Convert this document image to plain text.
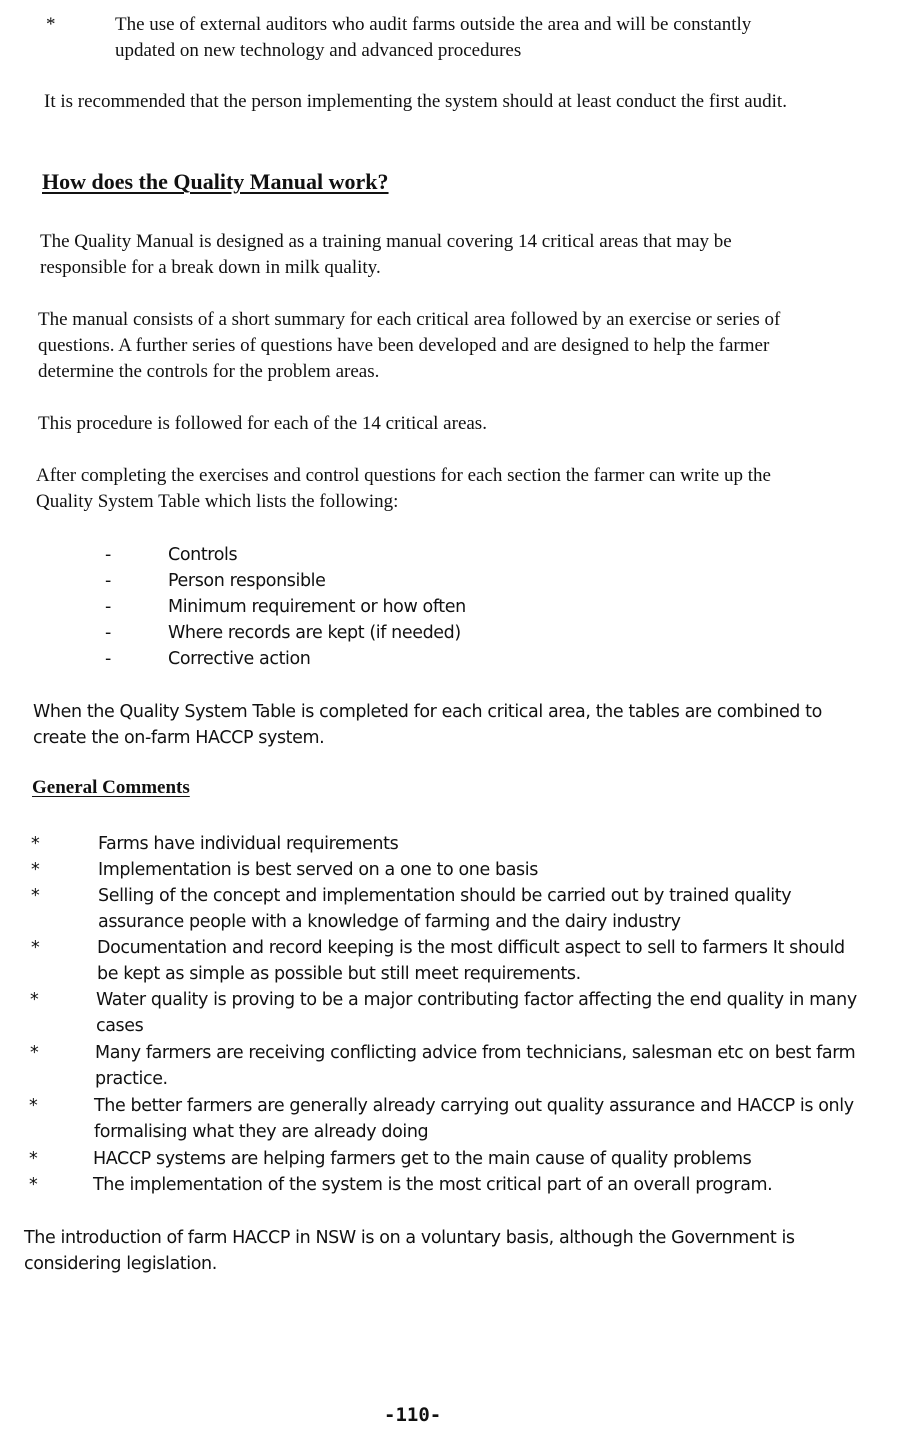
*	The use of external auditors who audit farms outside the area and will be constantly
updated on new technology and advanced procedures
It is recommended that the person implementing the system should at least conduct the first audit.
How does the Quality Manual work?
The Quality Manual is designed as a training manual covering 14 critical areas that may be
responsible for a break down in milk quality.
The manual consists of a short summary for each critical area followed by an exercise or series of
questions. A further series of questions have been developed and are designed to help the farmer
determine the controls for the problem areas.
This procedure is followed for each of the 14 critical areas.
After completing the exercises and control questions for each section the farmer can write up the
Quality System Table which lists the following:
-	Controls
-	Person responsible
-	Minimum requirement or how often
-	Where records are kept (if needed)
-	Corrective action
When the Quality System Table is completed for each critical area, the tables are combined to
create the on-farm HACCP system.
General Comments
*	Farms have individual requirements
*	Implementation is best served on a one to one basis
*	Selling of the concept and implementation should be carried out by trained quality
assurance people with a knowledge of farming and the dairy industry
*	Documentation and record keeping is the most difficult aspect to sell to farmers It should
be kept as simple as possible but still meet requirements.
*	Water quality is proving to be a major contributing factor affecting the end quality in many
cases
*	Many farmers are receiving conflicting advice from technicians, salesman etc on best farm
practice.
*	The better farmers are generally already carrying out quality assurance and HACCP is only
formalising what they are already doing
*	HACCP systems are helping farmers get to the main cause of quality problems
*	The implementation of the system is the most critical part of an overall program.
The introduction of farm HACCP in NSW is on a voluntary basis, although the Government is
considering legislation.
-110-
